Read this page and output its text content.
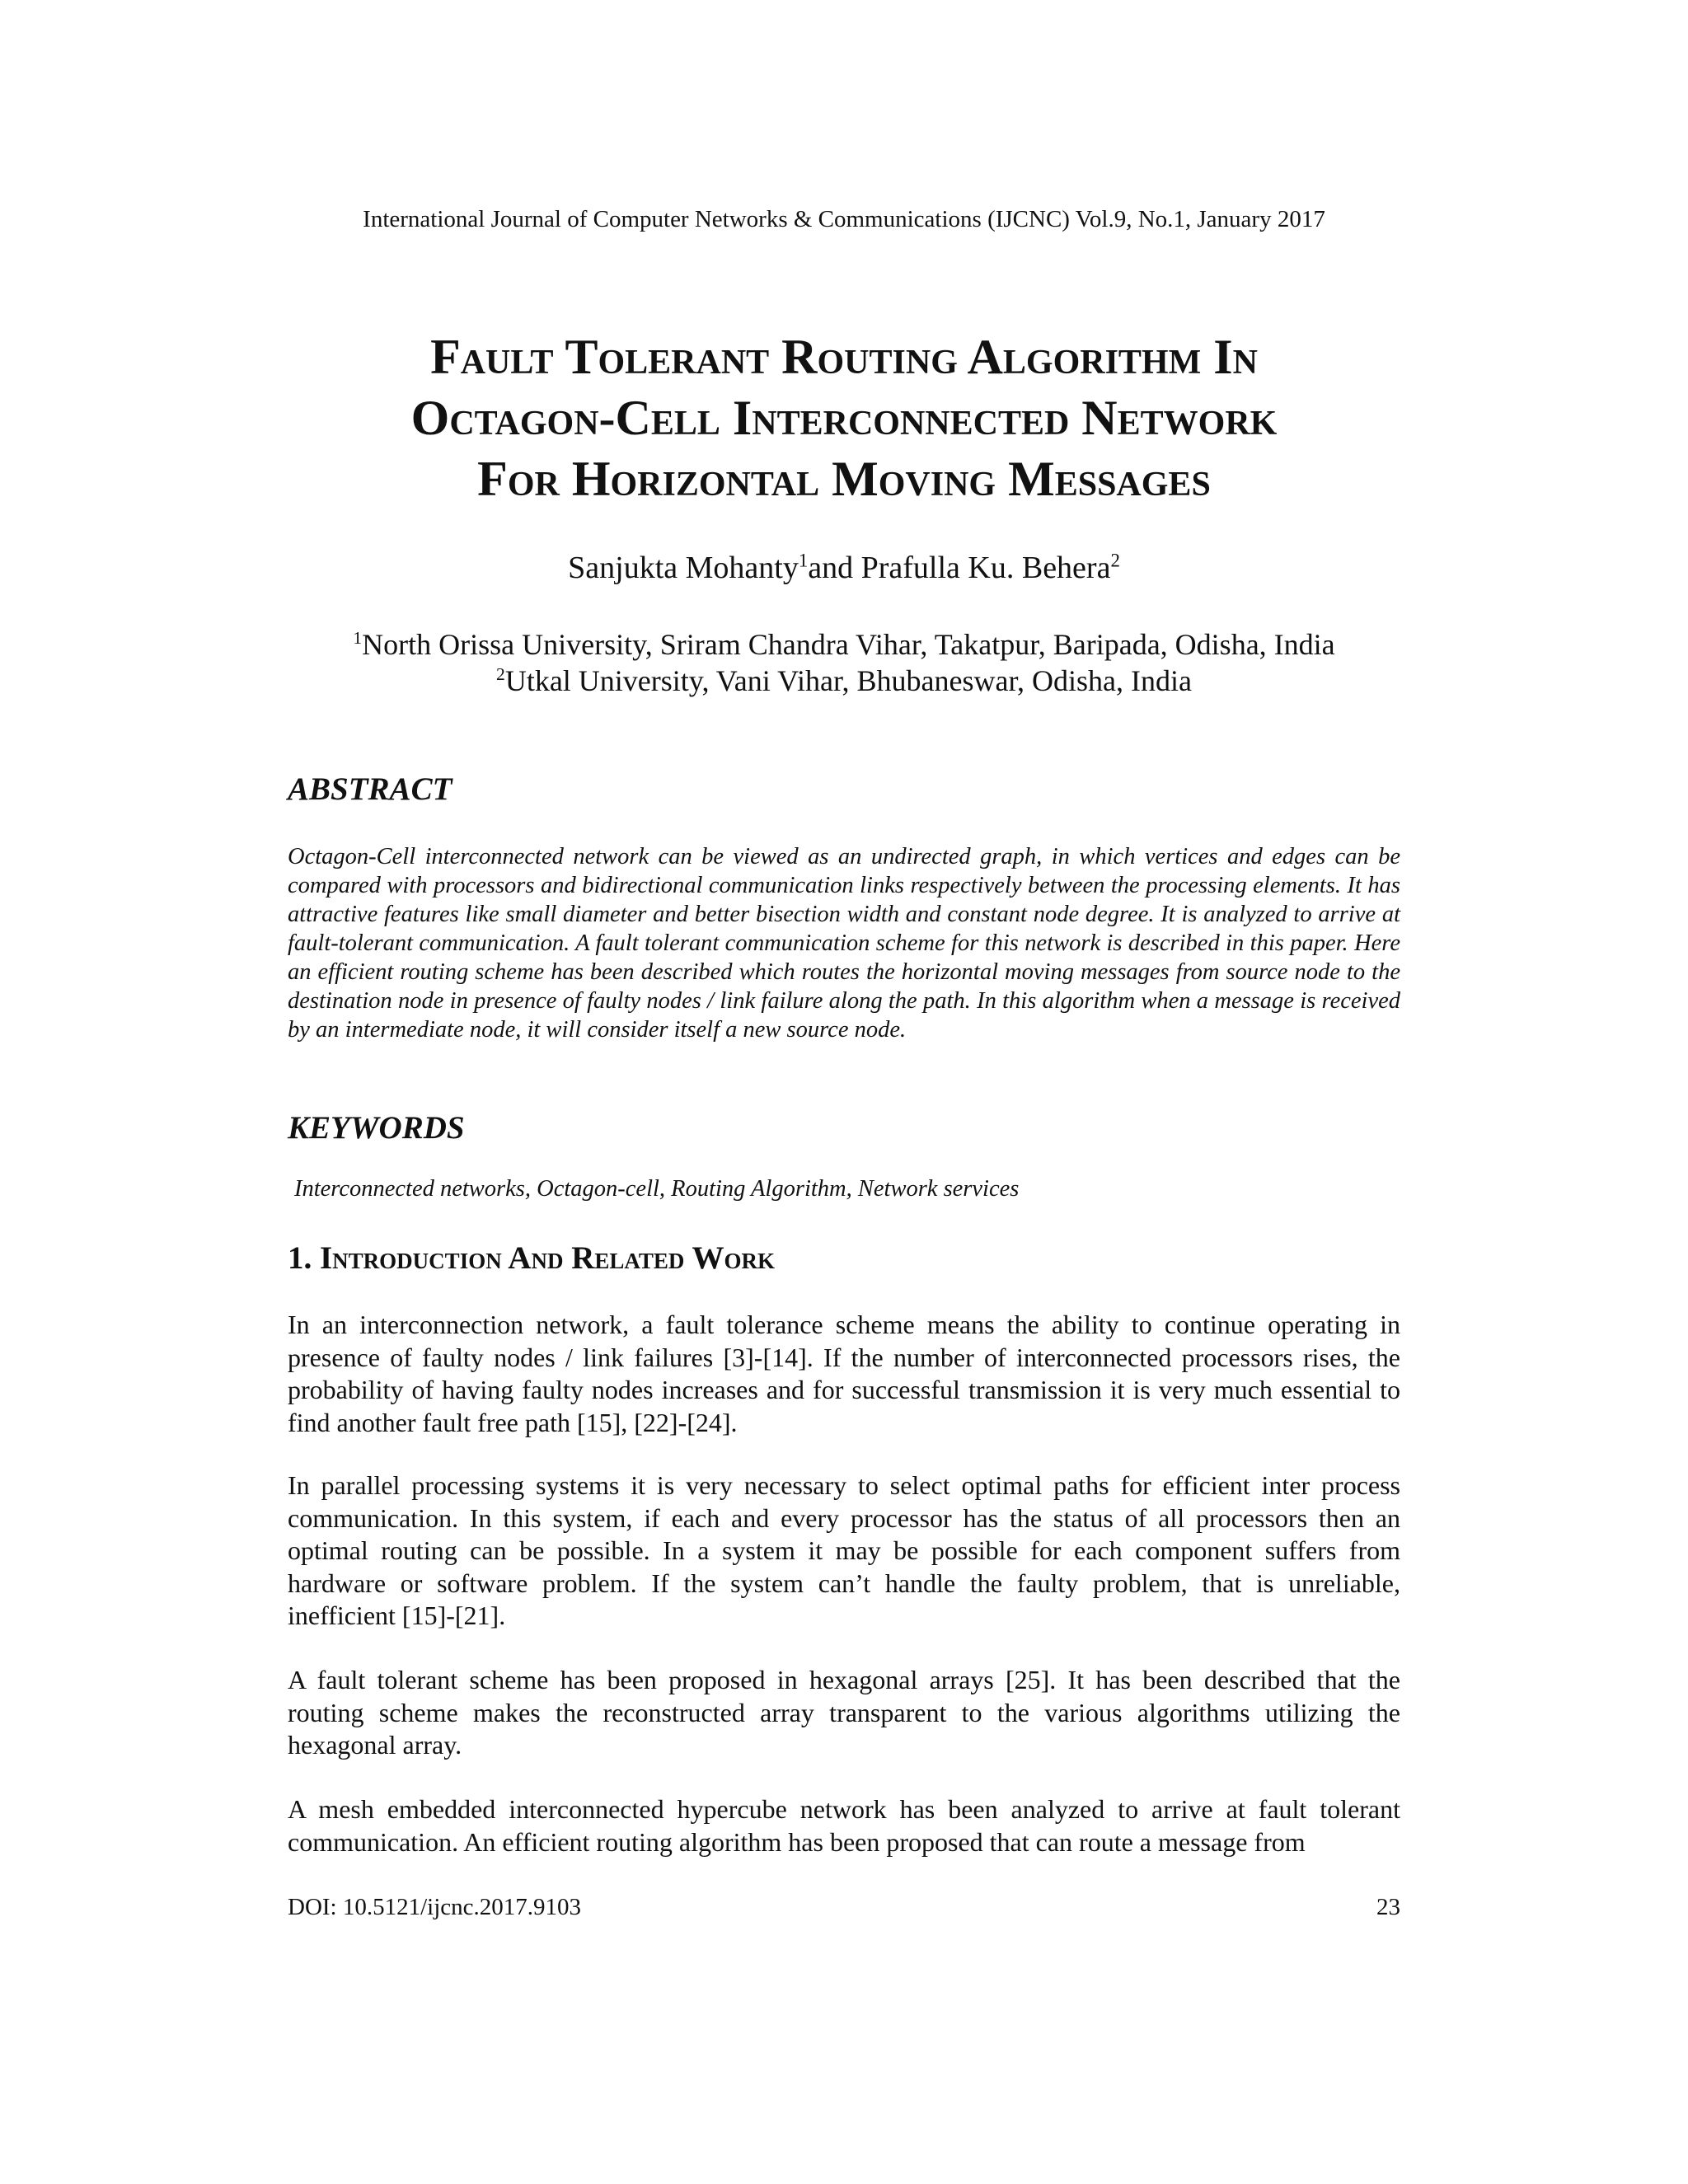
International Journal of Computer Networks & Communications (IJCNC) Vol.9, No.1, January 2017
Fault Tolerant Routing Algorithm In
Octagon-Cell Interconnected Network
For Horizontal Moving Messages
Sanjukta Mohanty$^1$and Prafulla Ku. Behera$^2$
$^1$North Orissa University, Sriram Chandra Vihar, Takatpur, Baripada, Odisha, India
$^2$Utkal University, Vani Vihar, Bhubaneswar, Odisha, India
ABSTRACT

Octagon-Cell interconnected network can be viewed as an undirected graph, in which vertices and edges can be compared with processors and bidirectional communication links respectively between the processing elements. It has attractive features like small diameter and better bisection width and constant node degree. It is analyzed to arrive at fault-tolerant communication. A fault tolerant communication scheme for this network is described in this paper. Here an efficient routing scheme has been described which routes the horizontal moving messages from source node to the destination node in presence of faulty nodes / link failure along the path. In this algorithm when a message is received by an intermediate node, it will consider itself a new source node.

KEYWORDS

Interconnected networks, Octagon-cell, Routing Algorithm, Network services

1. Introduction And Related Work

In an interconnection network, a fault tolerance scheme means the ability to continue operating in presence of faulty nodes / link failures [3]-[14]. If the number of interconnected processors rises, the probability of having faulty nodes increases and for successful transmission it is very much essential to find another fault free path [15], [22]-[24].

In parallel processing systems it is very necessary to select optimal paths for efficient inter process communication. In this system, if each and every processor has the status of all processors then an optimal routing can be possible. In a system it may be possible for each component suffers from hardware or software problem. If the system can’t handle the faulty problem, that is unreliable, inefficient [15]-[21].

A fault tolerant scheme has been proposed in hexagonal arrays [25]. It has been described that the routing scheme makes the reconstructed array transparent to the various algorithms utilizing the hexagonal array.

A mesh embedded interconnected hypercube network has been analyzed to arrive at fault tolerant communication. An efficient routing algorithm has been proposed that can route a message from

DOI: 10.5121/ijcnc.2017.9103	23
